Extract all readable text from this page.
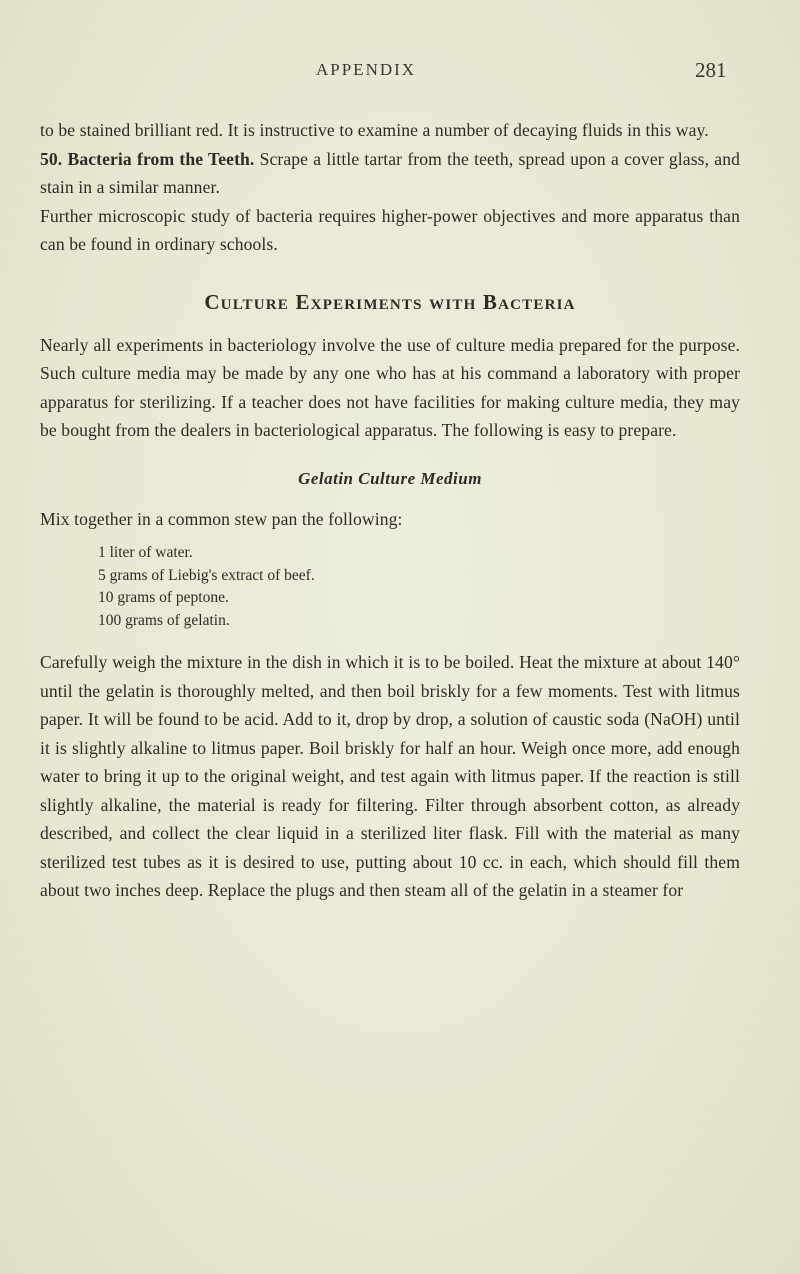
APPENDIX	281

to be stained brilliant red. It is instructive to examine a number of decaying fluids in this way.

50. Bacteria from the Teeth. Scrape a little tartar from the teeth, spread upon a cover glass, and stain in a similar manner.

Further microscopic study of bacteria requires higher-power objectives and more apparatus than can be found in ordinary schools.

Culture Experiments with Bacteria

Nearly all experiments in bacteriology involve the use of culture media prepared for the purpose. Such culture media may be made by any one who has at his command a laboratory with proper apparatus for sterilizing. If a teacher does not have facilities for making culture media, they may be bought from the dealers in bacteriological apparatus. The following is easy to prepare.

Gelatin Culture Medium

Mix together in a common stew pan the following:

1 liter of water.
5 grams of Liebig's extract of beef.
10 grams of peptone.
100 grams of gelatin.

Carefully weigh the mixture in the dish in which it is to be boiled. Heat the mixture at about 140° until the gelatin is thoroughly melted, and then boil briskly for a few moments. Test with litmus paper. It will be found to be acid. Add to it, drop by drop, a solution of caustic soda (NaOH) until it is slightly alkaline to litmus paper. Boil briskly for half an hour. Weigh once more, add enough water to bring it up to the original weight, and test again with litmus paper. If the reaction is still slightly alkaline, the material is ready for filtering. Filter through absorbent cotton, as already described, and collect the clear liquid in a sterilized liter flask. Fill with the material as many sterilized test tubes as it is desired to use, putting about 10 cc. in each, which should fill them about two inches deep. Replace the plugs and then steam all of the gelatin in a steamer for
